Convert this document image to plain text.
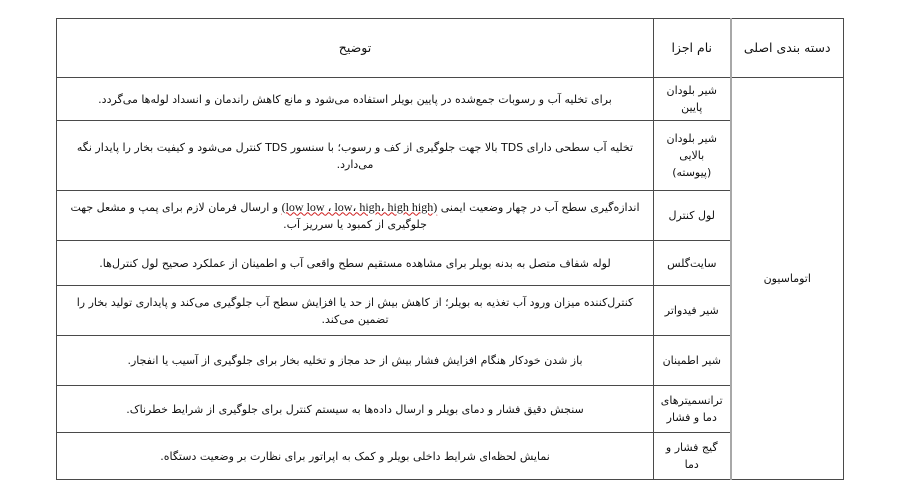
دسته بندی اصلی	نام اجزا	توضیح
اتوماسیون	شیر بلودان پایین	برای تخلیه آب و رسوبات جمع‌شده در پایین بویلر استفاده می‌شود و مانع کاهش راندمان و انسداد لوله‌ها می‌گردد.
	شیر بلودان بالایی (پیوسته)	تخلیه آب سطحی دارای TDS بالا جهت جلوگیری از کف و رسوب؛ با سنسور TDS کنترل می‌شود و کیفیت بخار را پایدار نگه می‌دارد.
	لول کنترل	اندازه‌گیری سطح آب در چهار وضعیت ایمنی (low low ، low، high، high high) و ارسال فرمان لازم برای پمپ و مشعل جهت جلوگیری از کمبود یا سرریز آب.
	سایت‌گلس	لوله شفاف متصل به بدنه بویلر برای مشاهده مستقیم سطح واقعی آب و اطمینان از عملکرد صحیح لول کنترل‌ها.
	شیر فیدواتر	کنترل‌کننده میزان ورود آب تغذیه به بویلر؛ از کاهش بیش از حد یا افزایش سطح آب جلوگیری می‌کند و پایداری تولید بخار را تضمین می‌کند.
	شیر اطمینان	باز شدن خودکار هنگام افزایش فشار بیش از حد مجاز و تخلیه بخار برای جلوگیری از آسیب یا انفجار.
	ترانسمیترهای دما و فشار	سنجش دقیق فشار و دمای بویلر و ارسال داده‌ها به سیستم کنترل برای جلوگیری از شرایط خطرناک.
	گیج فشار و دما	نمایش لحظه‌ای شرایط داخلی بویلر و کمک به اپراتور برای نظارت بر وضعیت دستگاه.
